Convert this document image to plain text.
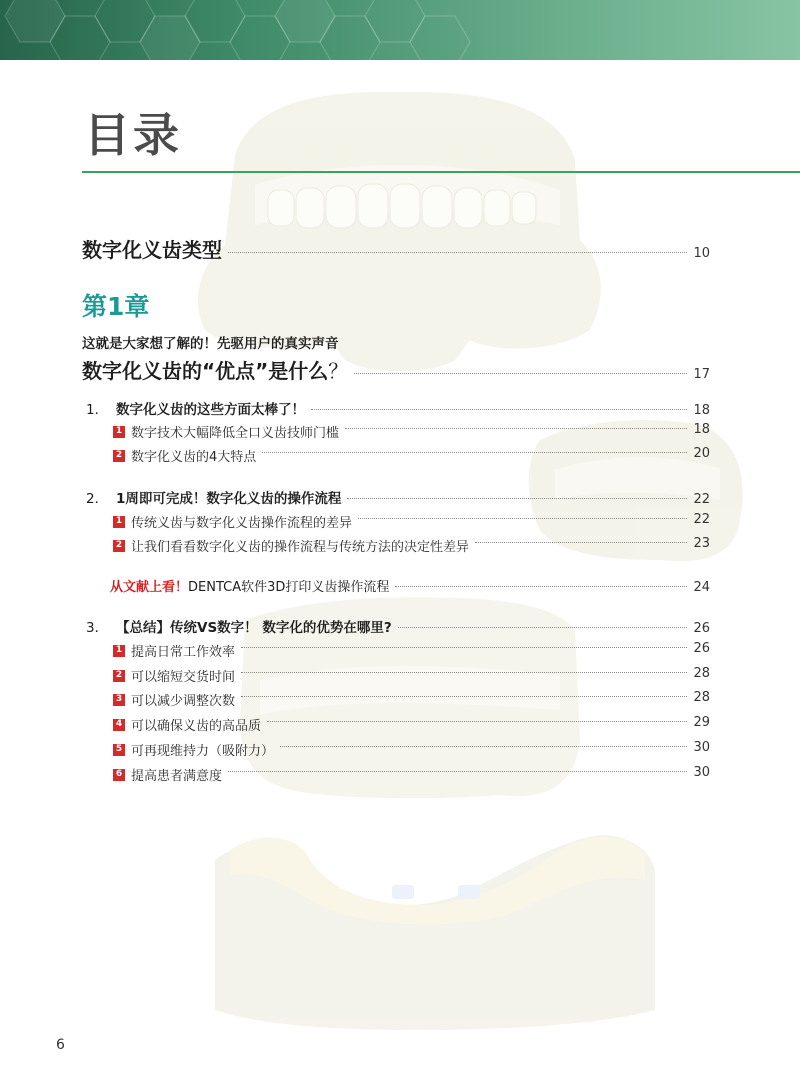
目录
数字化义齿类型	10
第1章
这就是大家想了解的！先驱用户的真实声音
数字化义齿的“优点”是什么？	17
1． 数字化义齿的这些方面太棒了！	18
1 数字技术大幅降低全口义齿技师门槛	18
2 数字化义齿的4大特点	20
2． 1周即可完成！数字化义齿的操作流程	22
1 传统义齿与数字化义齿操作流程的差异	22
2 让我们看看数字化义齿的操作流程与传统方法的决定性差异	23
从文献上看！DENTCA软件3D打印义齿操作流程	24
3． 【总结】传统VS数字！ 数字化的优势在哪里?	26
1 提高日常工作效率	26
2 可以缩短交货时间	28
3 可以减少调整次数	28
4 可以确保义齿的高品质	29
5 可再现维持力（吸附力）	30
6 提高患者满意度	30
6
